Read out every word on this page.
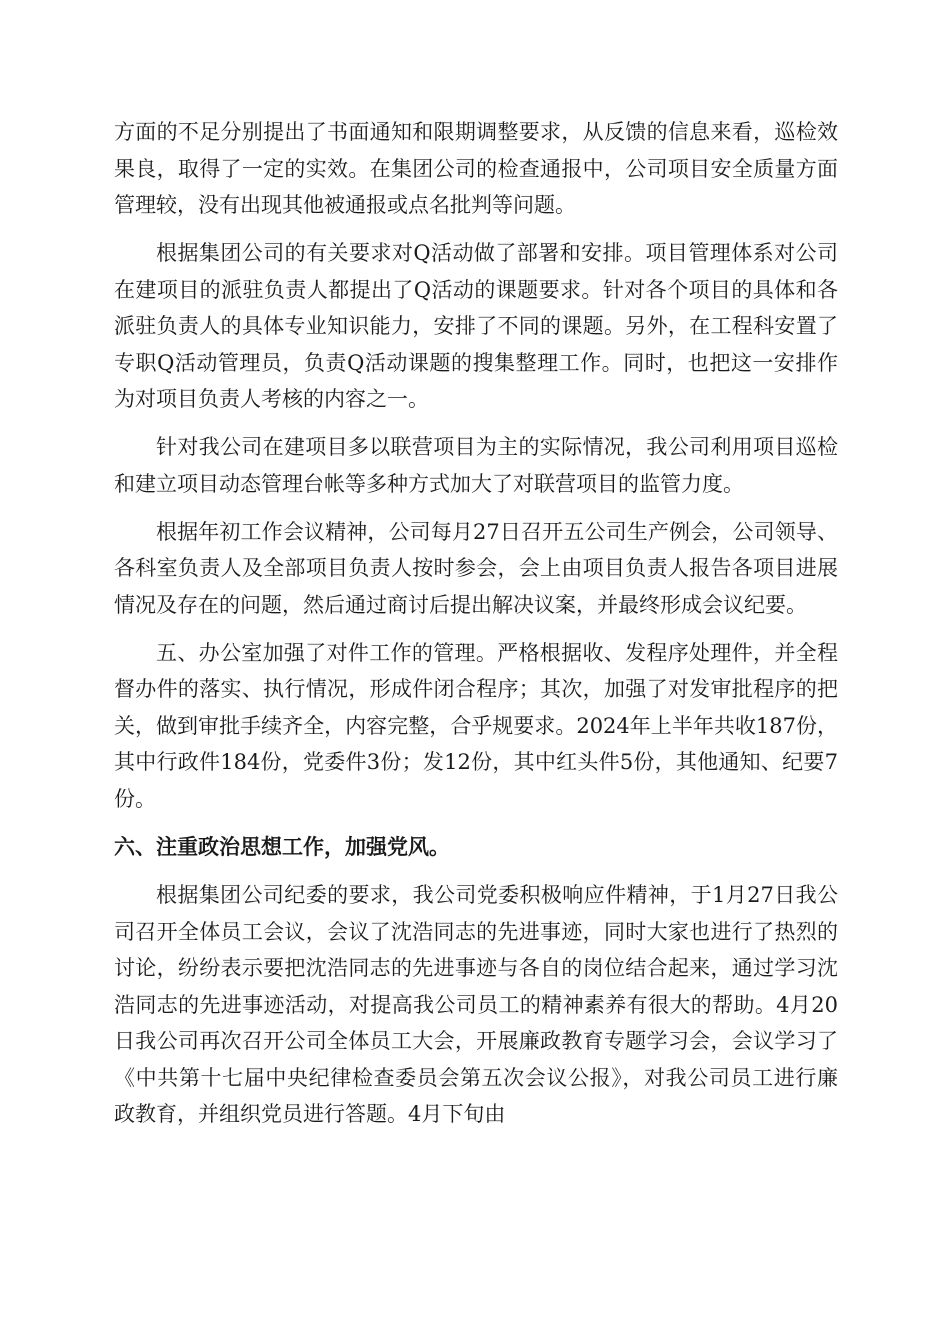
方面的不足分别提出了书面通知和限期调整要求，从反馈的信息来看，巡检效果良，取得了一定的实效。在集团公司的检查通报中，公司项目安全质量方面管理较，没有出现其他被通报或点名批判等问题。

根据集团公司的有关要求对Q活动做了部署和安排。项目管理体系对公司在建项目的派驻负责人都提出了Q活动的课题要求。针对各个项目的具体和各派驻负责人的具体专业知识能力，安排了不同的课题。另外，在工程科安置了专职Q活动管理员，负责Q活动课题的搜集整理工作。同时，也把这一安排作为对项目负责人考核的内容之一。

针对我公司在建项目多以联营项目为主的实际情况，我公司利用项目巡检和建立项目动态管理台帐等多种方式加大了对联营项目的监管力度。

根据年初工作会议精神，公司每月27日召开五公司生产例会，公司领导、各科室负责人及全部项目负责人按时参会，会上由项目负责人报告各项目进展情况及存在的问题，然后通过商讨后提出解决议案，并最终形成会议纪要。

五、办公室加强了对件工作的管理。严格根据收、发程序处理件，并全程督办件的落实、执行情况，形成件闭合程序；其次，加强了对发审批程序的把关，做到审批手续齐全，内容完整，合乎规要求。2024年上半年共收187份，其中行政件184份，党委件3份；发12份，其中红头件5份，其他通知、纪要7份。

六、注重政治思想工作，加强党风。

根据集团公司纪委的要求，我公司党委积极响应件精神，于1月27日我公司召开全体员工会议，会议了沈浩同志的先进事迹，同时大家也进行了热烈的讨论，纷纷表示要把沈浩同志的先进事迹与各自的岗位结合起来，通过学习沈浩同志的先进事迹活动，对提高我公司员工的精神素养有很大的帮助。4月20日我公司再次召开公司全体员工大会，开展廉政教育专题学习会，会议学习了《中共第十七届中央纪律检查委员会第五次会议公报》，对我公司员工进行廉政教育，并组织党员进行答题。4月下旬由
